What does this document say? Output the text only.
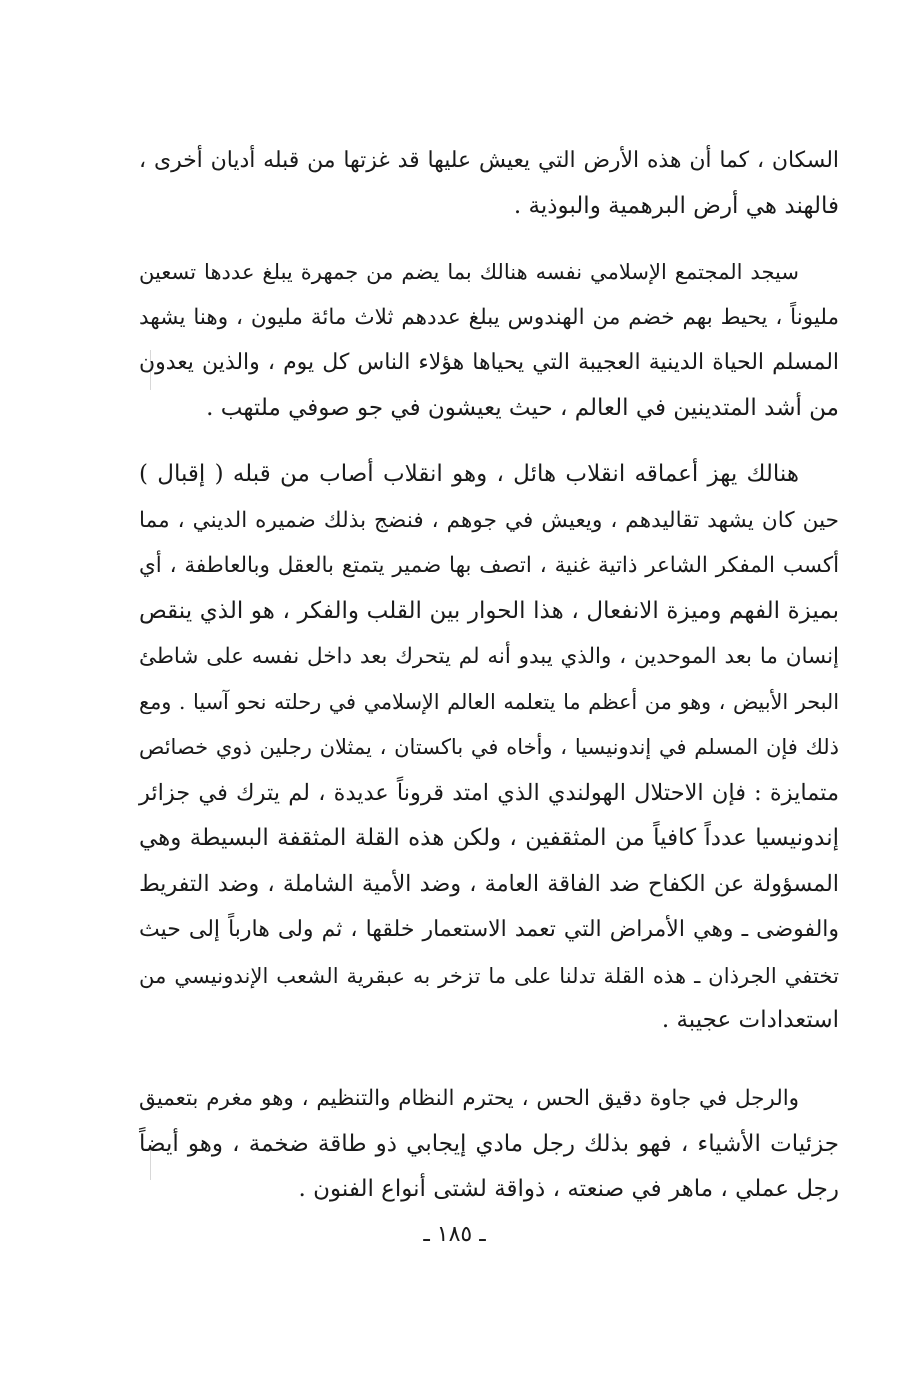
السكان ، كما أن هذه الأرض التي يعيش عليها قد غزتها من قبله أديان أخرى ،
فالهند هي أرض البرهمية والبوذية .
سيجد المجتمع الإسلامي نفسه هنالك بما يضم من جمهرة يبلغ عددها تسعين
مليوناً ، يحيط بهم خضم من الهندوس يبلغ عددهم ثلاث مائة مليون ، وهنا يشهد
المسلم الحياة الدينية العجيبة التي يحياها هؤلاء الناس كل يوم ، والذين يعدون
من أشد المتدينين في العالم ، حيث يعيشون في جو صوفي ملتهب .
هنالك يهز أعماقه انقلاب هائل ، وهو انقلاب أصاب من قبله ( إقبال )
حين كان يشهد تقاليدهم ، ويعيش في جوهم ، فنضج بذلك ضميره الديني ، مما
أكسب المفكر الشاعر ذاتية غنية ، اتصف بها ضمير يتمتع بالعقل وبالعاطفة ، أي
بميزة الفهم وميزة الانفعال ، هذا الحوار بين القلب والفكر ، هو الذي ينقص
إنسان ما بعد الموحدين ، والذي يبدو أنه لم يتحرك بعد داخل نفسه على شاطئ
البحر الأبيض ، وهو من أعظم ما يتعلمه العالم الإسلامي في رحلته نحو آسيا . ومع
ذلك فإن المسلم في إندونيسيا ، وأخاه في باكستان ، يمثلان رجلين ذوي خصائص
متمايزة : فإن الاحتلال الهولندي الذي امتد قروناً عديدة ، لم يترك في جزائر
إندونيسيا عدداً كافياً من المثقفين ، ولكن هذه القلة المثقفة البسيطة وهي
المسؤولة عن الكفاح ضد الفاقة العامة ، وضد الأمية الشاملة ، وضد التفريط
والفوضى ـ وهي الأمراض التي تعمد الاستعمار خلقها ، ثم ولى هارباً إلى حيث
تختفي الجرذان ـ هذه القلة تدلنا على ما تزخر به عبقرية الشعب الإندونيسي من
استعدادات عجيبة .
والرجل في جاوة دقيق الحس ، يحترم النظام والتنظيم ، وهو مغرم بتعميق
جزئيات الأشياء ، فهو بذلك رجل مادي إيجابي ذو طاقة ضخمة ، وهو أيضاً
رجل عملي ، ماهر في صنعته ، ذواقة لشتى أنواع الفنون .
ـ ١٨٥ ـ
